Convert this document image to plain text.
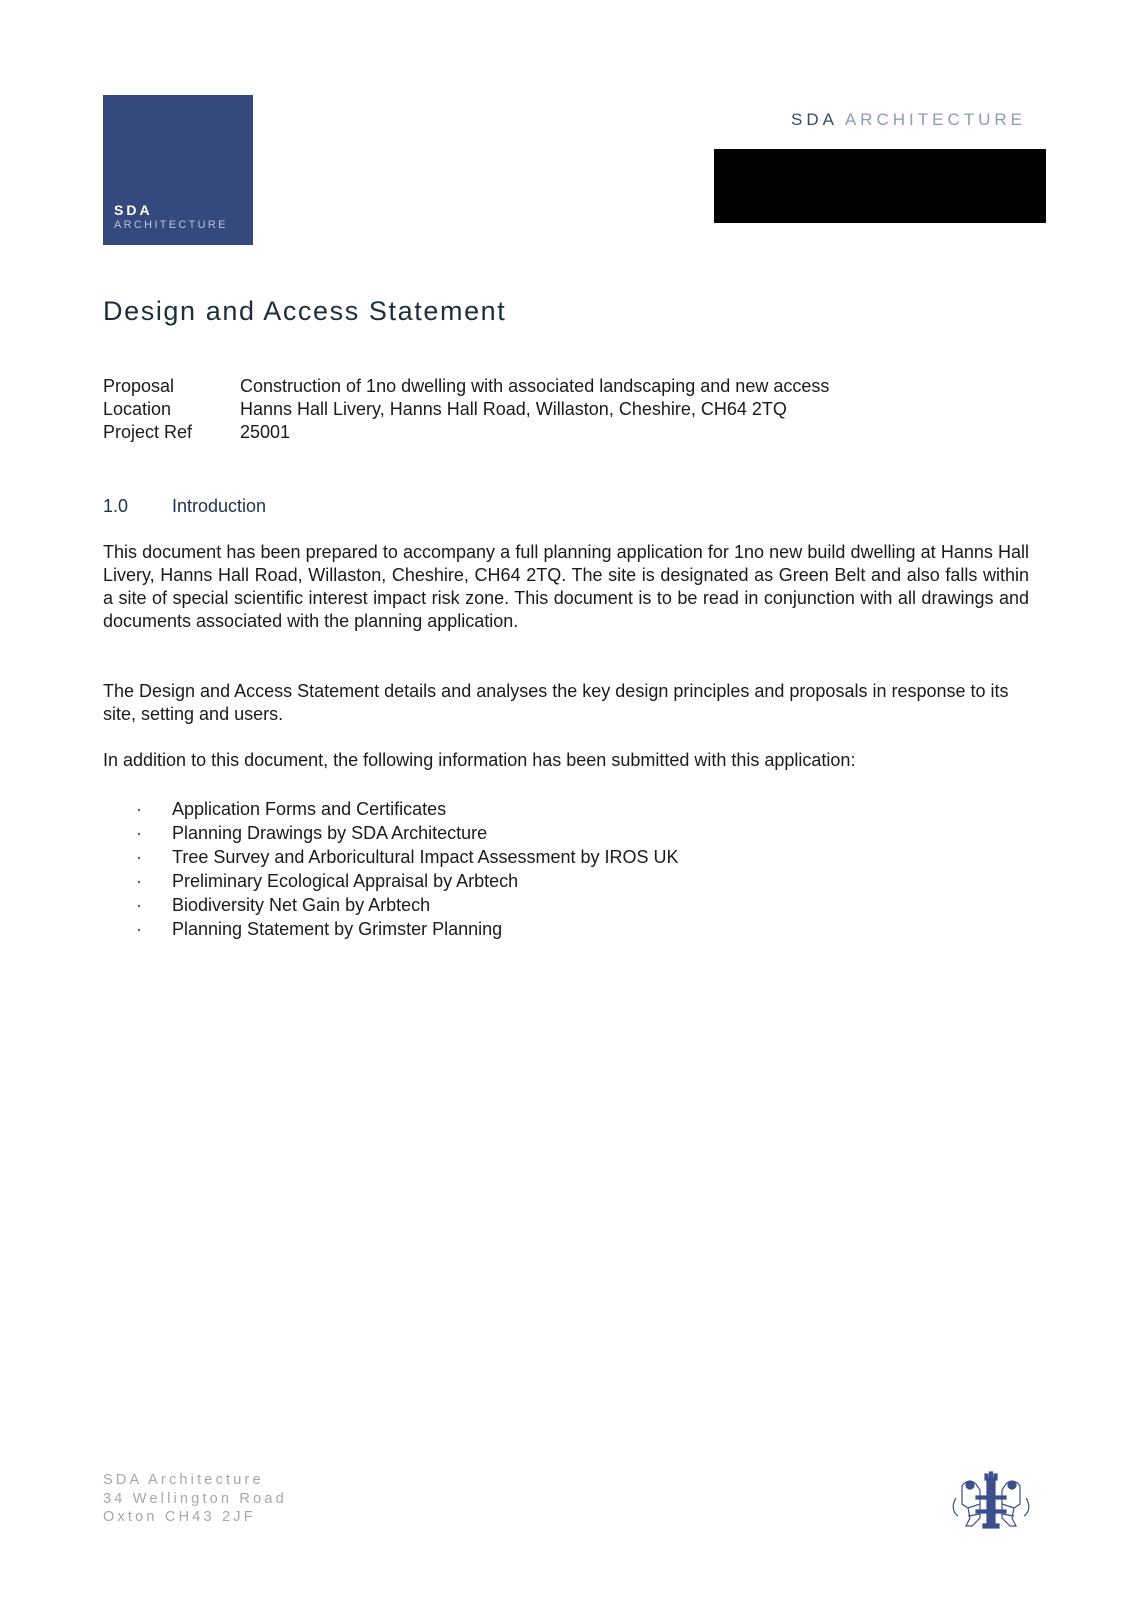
SDA
ARCHITECTURE
SDA ARCHITECTURE
Design and Access Statement
Proposal	Construction of 1no dwelling with associated landscaping and new access
Location	Hanns Hall Livery, Hanns Hall Road, Willaston, Cheshire, CH64 2TQ
Project Ref	25001
1.0	Introduction

This document has been prepared to accompany a full planning application for 1no new build dwelling at Hanns Hall Livery, Hanns Hall Road, Willaston, Cheshire, CH64 2TQ. The site is designated as Green Belt and also falls within a site of special scientific interest impact risk zone. This document is to be read in conjunction with all drawings and documents associated with the planning application.

The Design and Access Statement details and analyses the key design principles and proposals in response to its site, setting and users.

In addition to this document, the following information has been submitted with this application:

·	Application Forms and Certificates
·	Planning Drawings by SDA Architecture
·	Tree Survey and Arboricultural Impact Assessment by IROS UK
·	Preliminary Ecological Appraisal by Arbtech
·	Biodiversity Net Gain by Arbtech
·	Planning Statement by Grimster Planning
SDA Architecture
34 Wellington Road
Oxton CH43 2JF
